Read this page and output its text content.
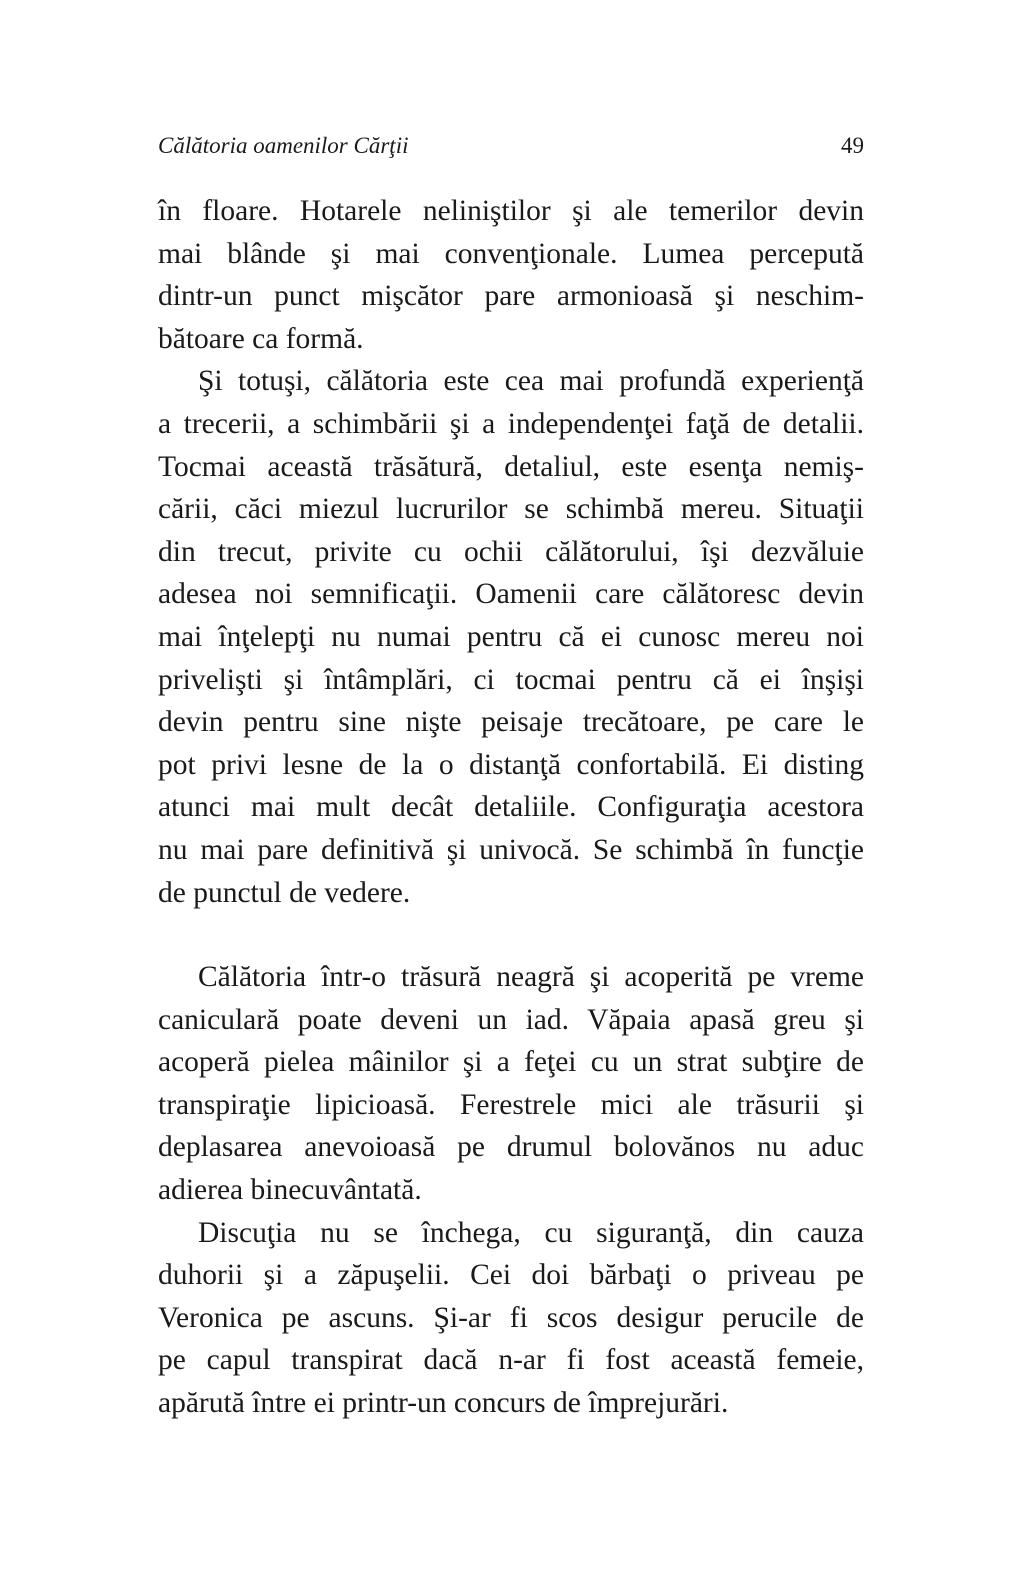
Călătoria oamenilor Cărţii	49

în floare. Hotarele neliniştilor şi ale temerilor devin
mai blânde şi mai convenţionale. Lumea percepută
dintr-un punct mişcător pare armonioasă şi neschim-
bătoare ca formă.

Şi totuşi, călătoria este cea mai profundă experienţă
a trecerii, a schimbării şi a independenţei faţă de detalii.
Tocmai această trăsătură, detaliul, este esenţa nemiş-
cării, căci miezul lucrurilor se schimbă mereu. Situaţii
din trecut, privite cu ochii călătorului, îşi dezvăluie
adesea noi semnificaţii. Oamenii care călătoresc devin
mai înţelepţi nu numai pentru că ei cunosc mereu noi
privelişti şi întâmplări, ci tocmai pentru că ei înşişi
devin pentru sine nişte peisaje trecătoare, pe care le
pot privi lesne de la o distanţă confortabilă. Ei disting
atunci mai mult decât detaliile. Configuraţia acestora
nu mai pare definitivă şi univocă. Se schimbă în funcţie
de punctul de vedere.

Călătoria într-o trăsură neagră şi acoperită pe vreme
caniculară poate deveni un iad. Văpaia apasă greu şi
acoperă pielea mâinilor şi a feţei cu un strat subţire de
transpiraţie lipicioasă. Ferestrele mici ale trăsurii şi
deplasarea anevoioasă pe drumul bolovănos nu aduc
adierea binecuvântată.

Discuţia nu se închega, cu siguranţă, din cauza
duhorii şi a zăpuşelii. Cei doi bărbaţi o priveau pe
Veronica pe ascuns. Şi-ar fi scos desigur perucile de
pe capul transpirat dacă n-ar fi fost această femeie,
apărută între ei printr-un concurs de împrejurări.
